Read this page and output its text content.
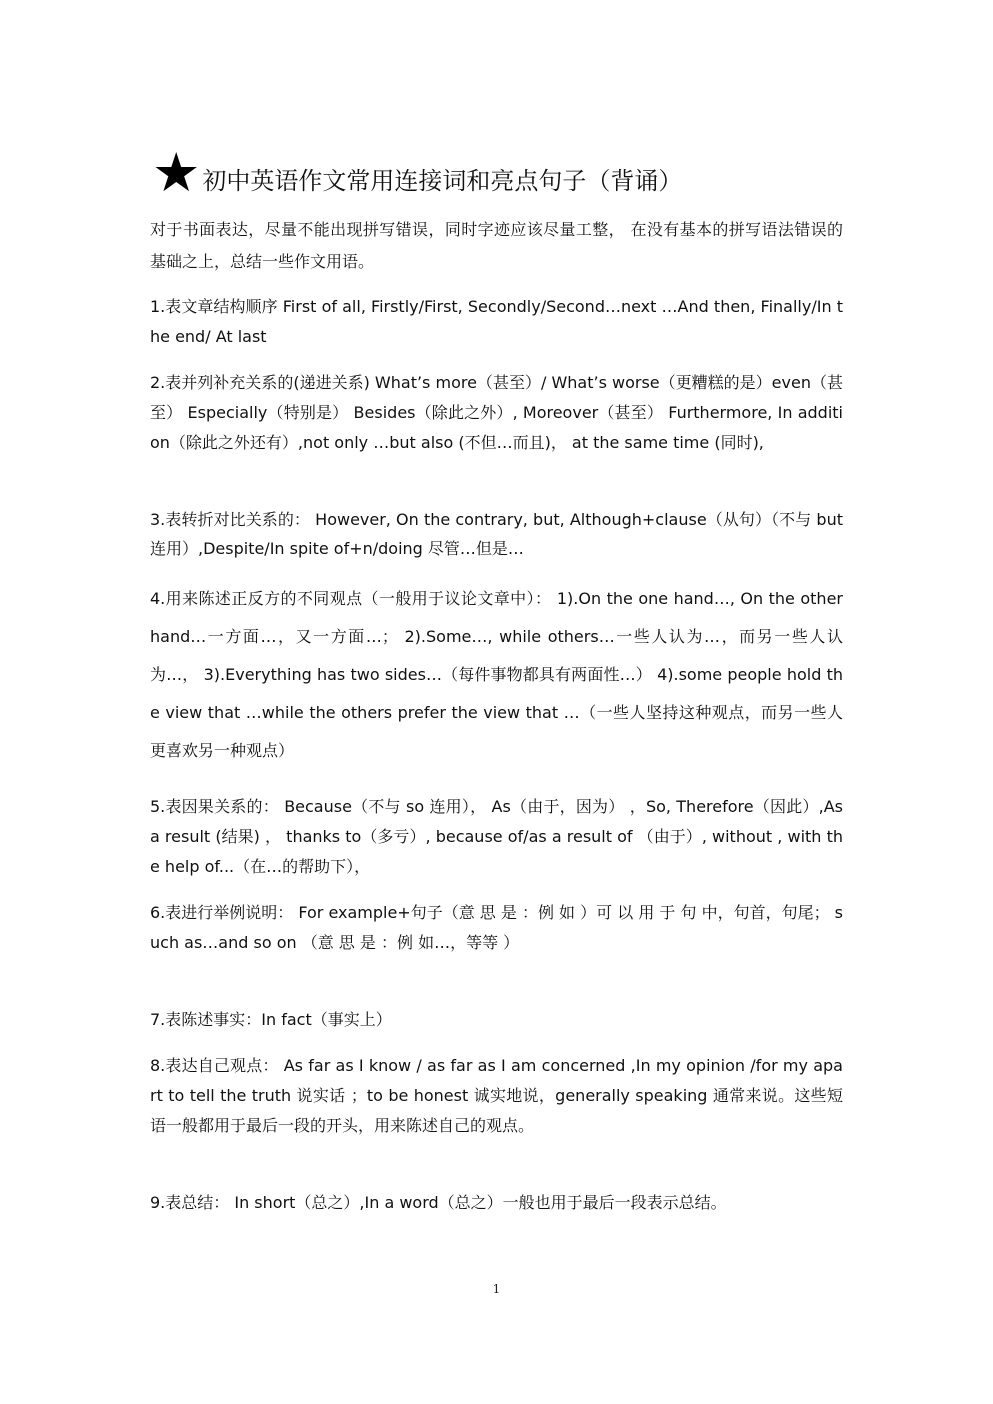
★ 初中英语作文常用连接词和亮点句子（背诵）
对于书面表达，尽量不能出现拼写错误，同时字迹应该尽量工整， 在没有基本的拼写语法错误的基础之上，总结一些作文用语。
1.表文章结构顺序 First of all, Firstly/First, Secondly/Second…next …And then, Finally/In the end/ At last
2.表并列补充关系的(递进关系) What’s more（甚至）/ What’s worse（更糟糕的是）even（甚至） Especially（特别是） Besides（除此之外）, Moreover（甚至） Furthermore, In addition（除此之外还有）,not only …but also (不但…而且)， at the same time (同时),
3.表转折对比关系的： However, On the contrary, but, Although+clause（从句）（不与 but 连用）,Despite/In spite of+n/doing 尽管…但是…
4.用来陈述正反方的不同观点（一般用于议论文章中）： 1).On the one hand…, On the other hand…一方面…，又一方面…； 2).Some…, while others…一些人认为…，而另一些人认为…， 3).Everything has two sides…（每件事物都具有两面性…） 4).some people hold the view that …while the others prefer the view that …（一些人坚持这种观点，而另一些人更喜欢另一种观点）
5.表因果关系的： Because（不与 so 连用）， As（由于，因为） ，So, Therefore（因此）,As a result (结果) ， thanks to（多亏）, because of/as a result of （由于）, without , with the help of...（在…的帮助下），
6.表进行举例说明： For example+句子（意 思 是 ：例 如 ）可 以 用 于 句 中，句首，句尾； such as…and so on （意 思 是 ：例 如…，等等 ）
7.表陈述事实：In fact（事实上）
8.表达自己观点： As far as I know / as far as I am concerned ,In my opinion /for my apart to tell the truth 说实话 ；to be honest 诚实地说，generally speaking 通常来说。这些短语一般都用于最后一段的开头，用来陈述自己的观点。
9.表总结： In short（总之）,In a word（总之）一般也用于最后一段表示总结。
1
